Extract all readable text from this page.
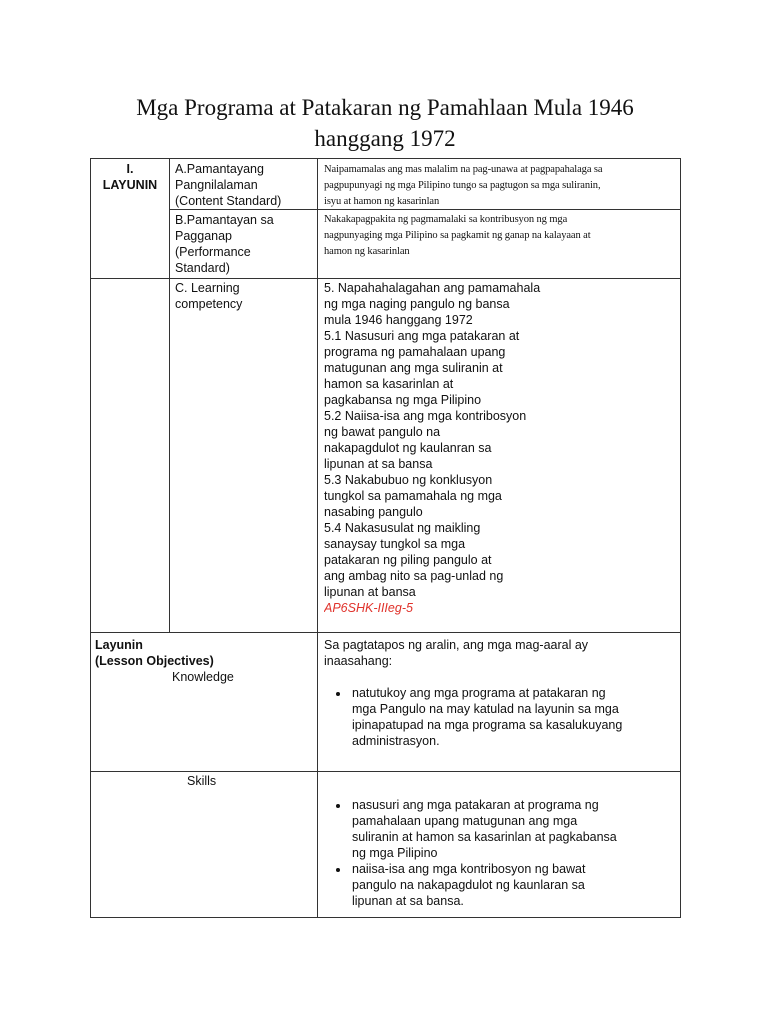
Mga Programa at Patakaran ng Pamahlaan Mula 1946
hanggang 1972
I.
LAYUNIN
A.Pamantayang
Pangnilalaman
(Content Standard)
Naipamamalas ang mas malalim na pag-unawa at pagpapahalaga sa
pagpupunyagi ng mga Pilipino tungo sa pagtugon sa mga suliranin,
isyu at hamon ng kasarinlan
B.Pamantayan sa
Pagganap
(Performance
Standard)
Nakakapagpakita ng pagmamalaki sa kontribusyon ng mga
nagpunyaging mga Pilipino sa pagkamit ng ganap na kalayaan at
hamon ng kasarinlan
C. Learning
competency
5. Napahahalagahan ang pamamahala
ng mga naging pangulo ng bansa
mula 1946 hanggang 1972
5.1 Nasusuri ang mga patakaran at
programa ng pamahalaan upang
matugunan ang mga suliranin at
hamon sa kasarinlan at
pagkabansa ng mga Pilipino
5.2 Naiisa-isa ang mga kontribosyon
ng bawat pangulo na
nakapagdulot ng kaulanran sa
lipunan at sa bansa
5.3 Nakabubuo ng konklusyon
tungkol sa pamamahala ng mga
nasabing pangulo
5.4 Nakasusulat ng maikling
sanaysay tungkol sa mga
patakaran ng piling pangulo at
ang ambag nito sa pag-unlad ng
lipunan at bansa
AP6SHK-IIIeg-5
Layunin
(Lesson Objectives)
Knowledge
Sa pagtatapos ng aralin, ang mga mag-aaral ay
inaasahang:
• natutukoy ang mga programa at patakaran ng
mga Pangulo na may katulad na layunin sa mga
ipinapatupad na mga programa sa kasalukuyang
administrasyon.
Skills
• nasusuri ang mga patakaran at programa ng
pamahalaan upang matugunan ang mga
suliranin at hamon sa kasarinlan at pagkabansa
ng mga Pilipino
• naiisa-isa ang mga kontribosyon ng bawat
pangulo na nakapagdulot ng kaunlaran sa
lipunan at sa bansa.
